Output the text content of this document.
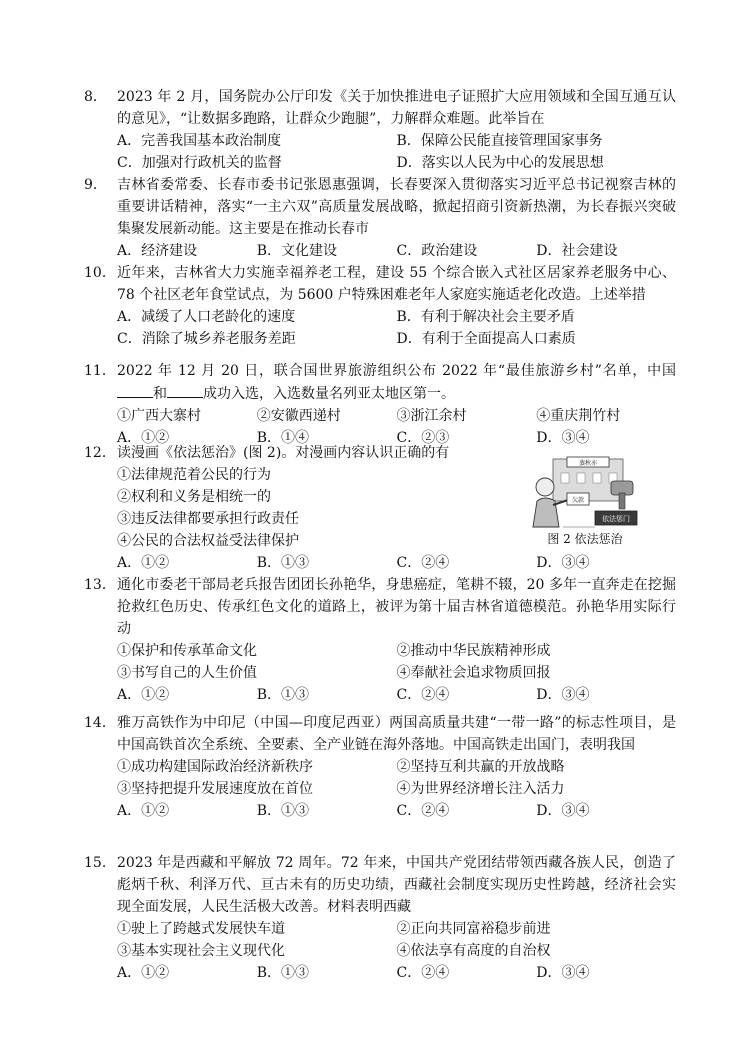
8． 2023 年 2 月，国务院办公厅印发《关于加快推进电子证照扩大应用领域和全国互通互认的意见》，“让数据多跑路，让群众少跑腿”，力解群众难题。此举旨在
A．完善我国基本政治制度	B．保障公民能直接管理国家事务
C．加强对行政机关的监督	D．落实以人民为中心的发展思想
9． 吉林省委常委、长春市委书记张恩惠强调，长春要深入贯彻落实习近平总书记视察吉林的重要讲话精神，落实“一主六双”高质量发展战略，掀起招商引资新热潮，为长春振兴突破集聚发展新动能。这主要是在推动长春市
A．经济建设	B．文化建设	C．政治建设	D．社会建设
10． 近年来，吉林省大力实施幸福养老工程，建设 55 个综合嵌入式社区居家养老服务中心、78 个社区老年食堂试点，为 5600 户特殊困难老年人家庭实施适老化改造。上述举措
A．减缓了人口老龄化的速度	B．有利于解决社会主要矛盾
C．消除了城乡养老服务差距	D．有利于全面提高人口素质
11． 2022 年 12 月 20 日，联合国世界旅游组织公布 2022 年“最佳旅游乡村”名单，中国和	成功入选，入选数量名列亚太地区第一。
①广西大寨村	②安徽西递村	③浙江余村	④重庆荆竹村
A．①②	B．①④	C．②③	D．③④
12． 读漫画《依法惩治》(图 2)。对漫画内容认识正确的有
①法律规范着公民的行为
②权利和义务是相统一的
③违反法律都要承担行政责任
④公民的合法权益受法律保护
A．①②	B．①③	C．②④	D．③④
蒸秋亦
欠款
依法惩门
图 2 依法惩治
13． 通化市委老干部局老兵报告团团长孙艳华，身患癌症，笔耕不辍，20 多年一直奔走在挖掘抢救红色历史、传承红色文化的道路上，被评为第十届吉林省道德模范。孙艳华用实际行动
①保护和传承革命文化	②推动中华民族精神形成
③书写自己的人生价值	④奉献社会追求物质回报
A．①②	B．①③	C．②④	D．③④
14． 雅万高铁作为中印尼（中国—印度尼西亚）两国高质量共建“一带一路”的标志性项目，是中国高铁首次全系统、全要素、全产业链在海外落地。中国高铁走出国门，表明我国
①成功构建国际政治经济新秩序	②坚持互利共赢的开放战略
③坚持把提升发展速度放在首位	④为世界经济增长注入活力
A．①②	B．①③	C．②④	D．③④
15． 2023 年是西藏和平解放 72 周年。72 年来，中国共产党团结带领西藏各族人民，创造了彪炳千秋、利泽万代、亘古未有的历史功绩，西藏社会制度实现历史性跨越，经济社会实现全面发展，人民生活极大改善。材料表明西藏
①驶上了跨越式发展快车道	②正向共同富裕稳步前进
③基本实现社会主义现代化	④依法享有高度的自治权
A．①②	B．①③	C．②④	D．③④
